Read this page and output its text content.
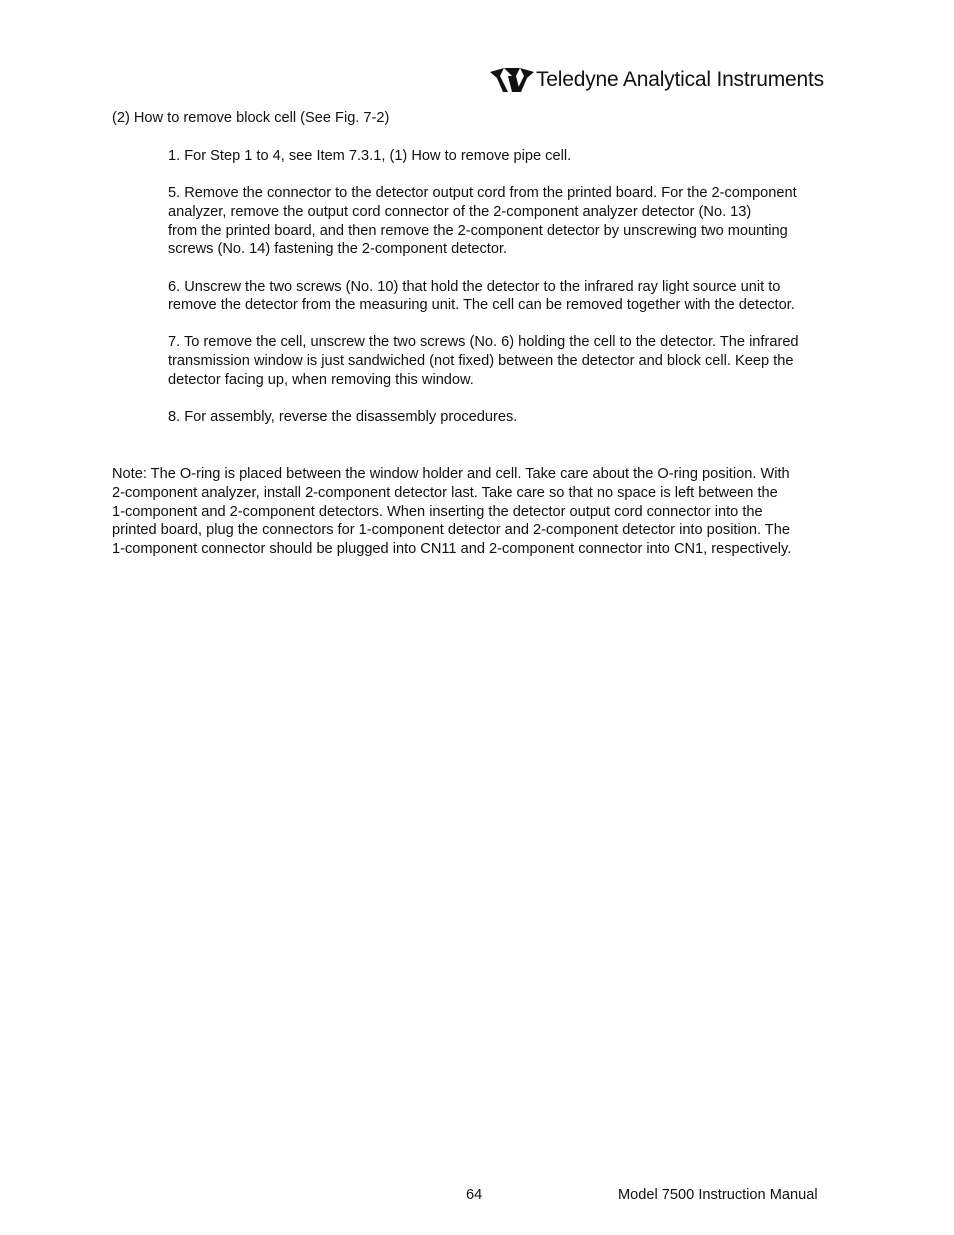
Teledyne Analytical Instruments
(2) How to remove block cell (See Fig. 7-2)

1. For Step 1 to 4, see Item 7.3.1, (1) How to remove pipe cell.

5. Remove the connector to the detector output cord from the printed board. For the 2-component
analyzer, remove the output cord connector of the 2-component analyzer detector (No. 13)
from the printed board, and then remove the 2-component detector by unscrewing two mounting
screws (No. 14) fastening the 2-component detector.

6. Unscrew the two screws (No. 10) that hold the detector to the infrared ray light source unit to
remove the detector from the measuring unit. The cell can be removed together with the detector.

7. To remove the cell, unscrew the two screws (No. 6) holding the cell to the detector. The infrared
transmission window is just sandwiched (not fixed) between the detector and block cell. Keep the
detector facing up, when removing this window.

8. For assembly, reverse the disassembly procedures.

Note: The O-ring is placed between the window holder and cell. Take care about the O-ring position. With
2-component analyzer, install 2-component detector last. Take care so that no space is left between the
1-component and 2-component detectors. When inserting the detector output cord connector into the
printed board, plug the connectors for 1-component detector and 2-component detector into position. The
1-component connector should be plugged into CN11 and 2-component connector into CN1, respectively.
64	Model 7500 Instruction Manual
